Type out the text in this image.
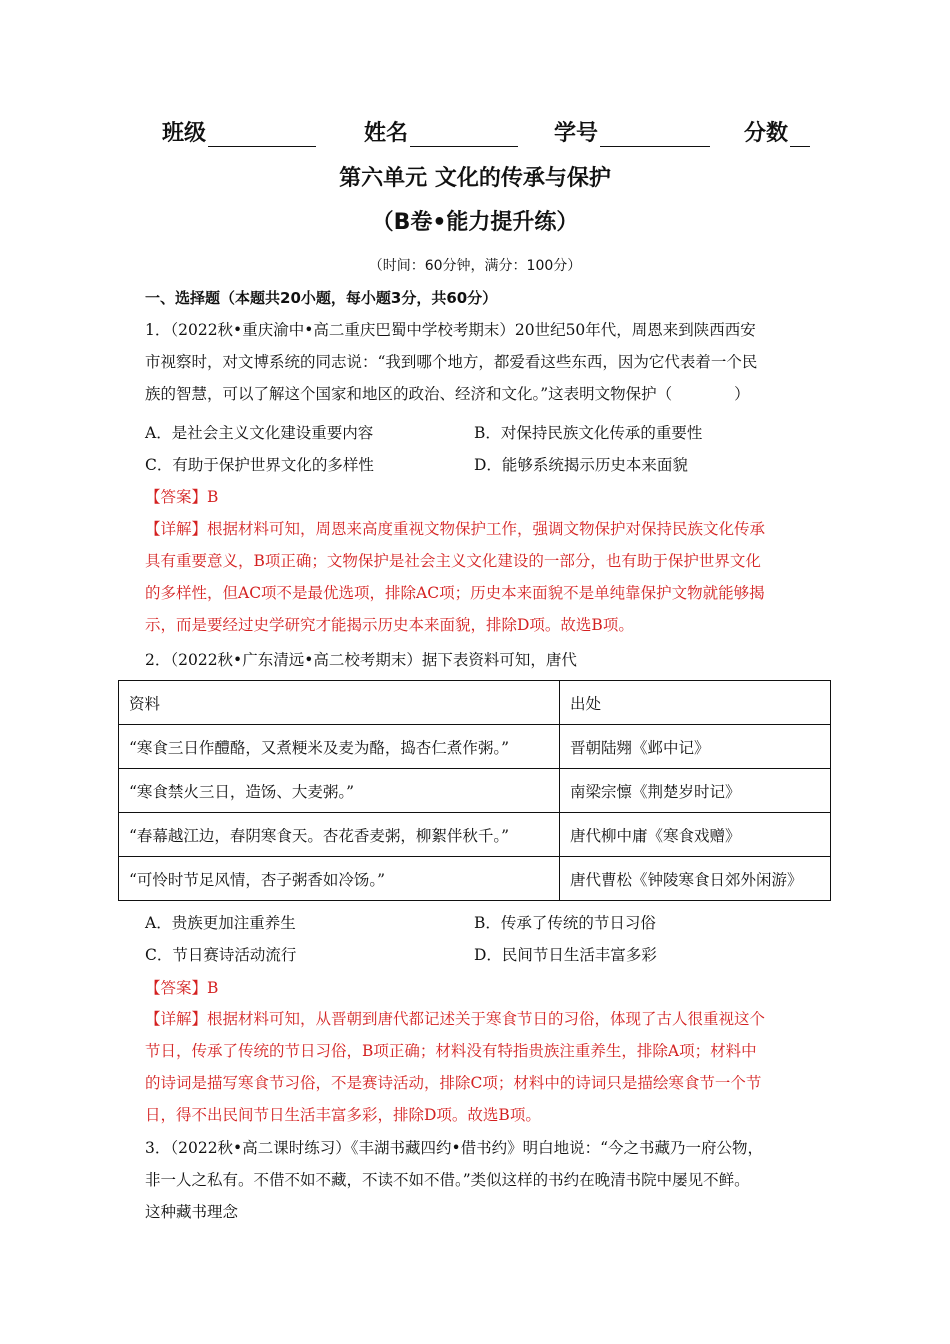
班级	姓名	学号	分数
第六单元 文化的传承与保护
（B卷•能力提升练）
（时间：60分钟，满分：100分）
一、选择题（本题共20小题，每小题3分，共60分）

1．（2022秋•重庆渝中•高二重庆巴蜀中学校考期末）20世纪50年代，周恩来到陕西西安

市视察时，对文博系统的同志说：“我到哪个地方，都爱看这些东西，因为它代表着一个民

族的智慧，可以了解这个国家和地区的政治、经济和文化。”这表明文物保护（　　　　）

A．是社会主义文化建设重要内容	B．对保持民族文化传承的重要性
C．有助于保护世界文化的多样性	D．能够系统揭示历史本来面貌
【答案】B
【详解】根据材料可知，周恩来高度重视文物保护工作，强调文物保护对保持民族文化传承
具有重要意义，B项正确；文物保护是社会主义文化建设的一部分，也有助于保护世界文化
的多样性，但AC项不是最优选项，排除AC项；历史本来面貌不是单纯靠保护文物就能够揭
示，而是要经过史学研究才能揭示历史本来面貌，排除D项。故选B项。
2．（2022秋•广东清远•高二校考期末）据下表资料可知，唐代
资料	出处
“寒食三日作醴酪，又煮粳米及麦为酪，捣杏仁煮作粥。”	晋朝陆翙《邺中记》
“寒食禁火三日，造饧、大麦粥。”	南梁宗懔《荆楚岁时记》
“春幕越江边，春阴寒食天。杏花香麦粥，柳絮伴秋千。”	唐代柳中庸《寒食戏赠》
“可怜时节足风情，杏子粥香如冷饧。”	唐代曹松《钟陵寒食日郊外闲游》
A．贵族更加注重养生	B．传承了传统的节日习俗
C．节日赛诗活动流行	D．民间节日生活丰富多彩
【答案】B
【详解】根据材料可知，从晋朝到唐代都记述关于寒食节日的习俗，体现了古人很重视这个
节日，传承了传统的节日习俗，B项正确；材料没有特指贵族注重养生，排除A项；材料中
的诗词是描写寒食节习俗，不是赛诗活动，排除C项；材料中的诗词只是描绘寒食节一个节
日，得不出民间节日生活丰富多彩，排除D项。故选B项。

3．（2022秋•高二课时练习）《丰湖书藏四约•借书约》明白地说：“今之书藏乃一府公物，

非一人之私有。不借不如不藏，不读不如不借。”类似这样的书约在晚清书院中屡见不鲜。

这种藏书理念
